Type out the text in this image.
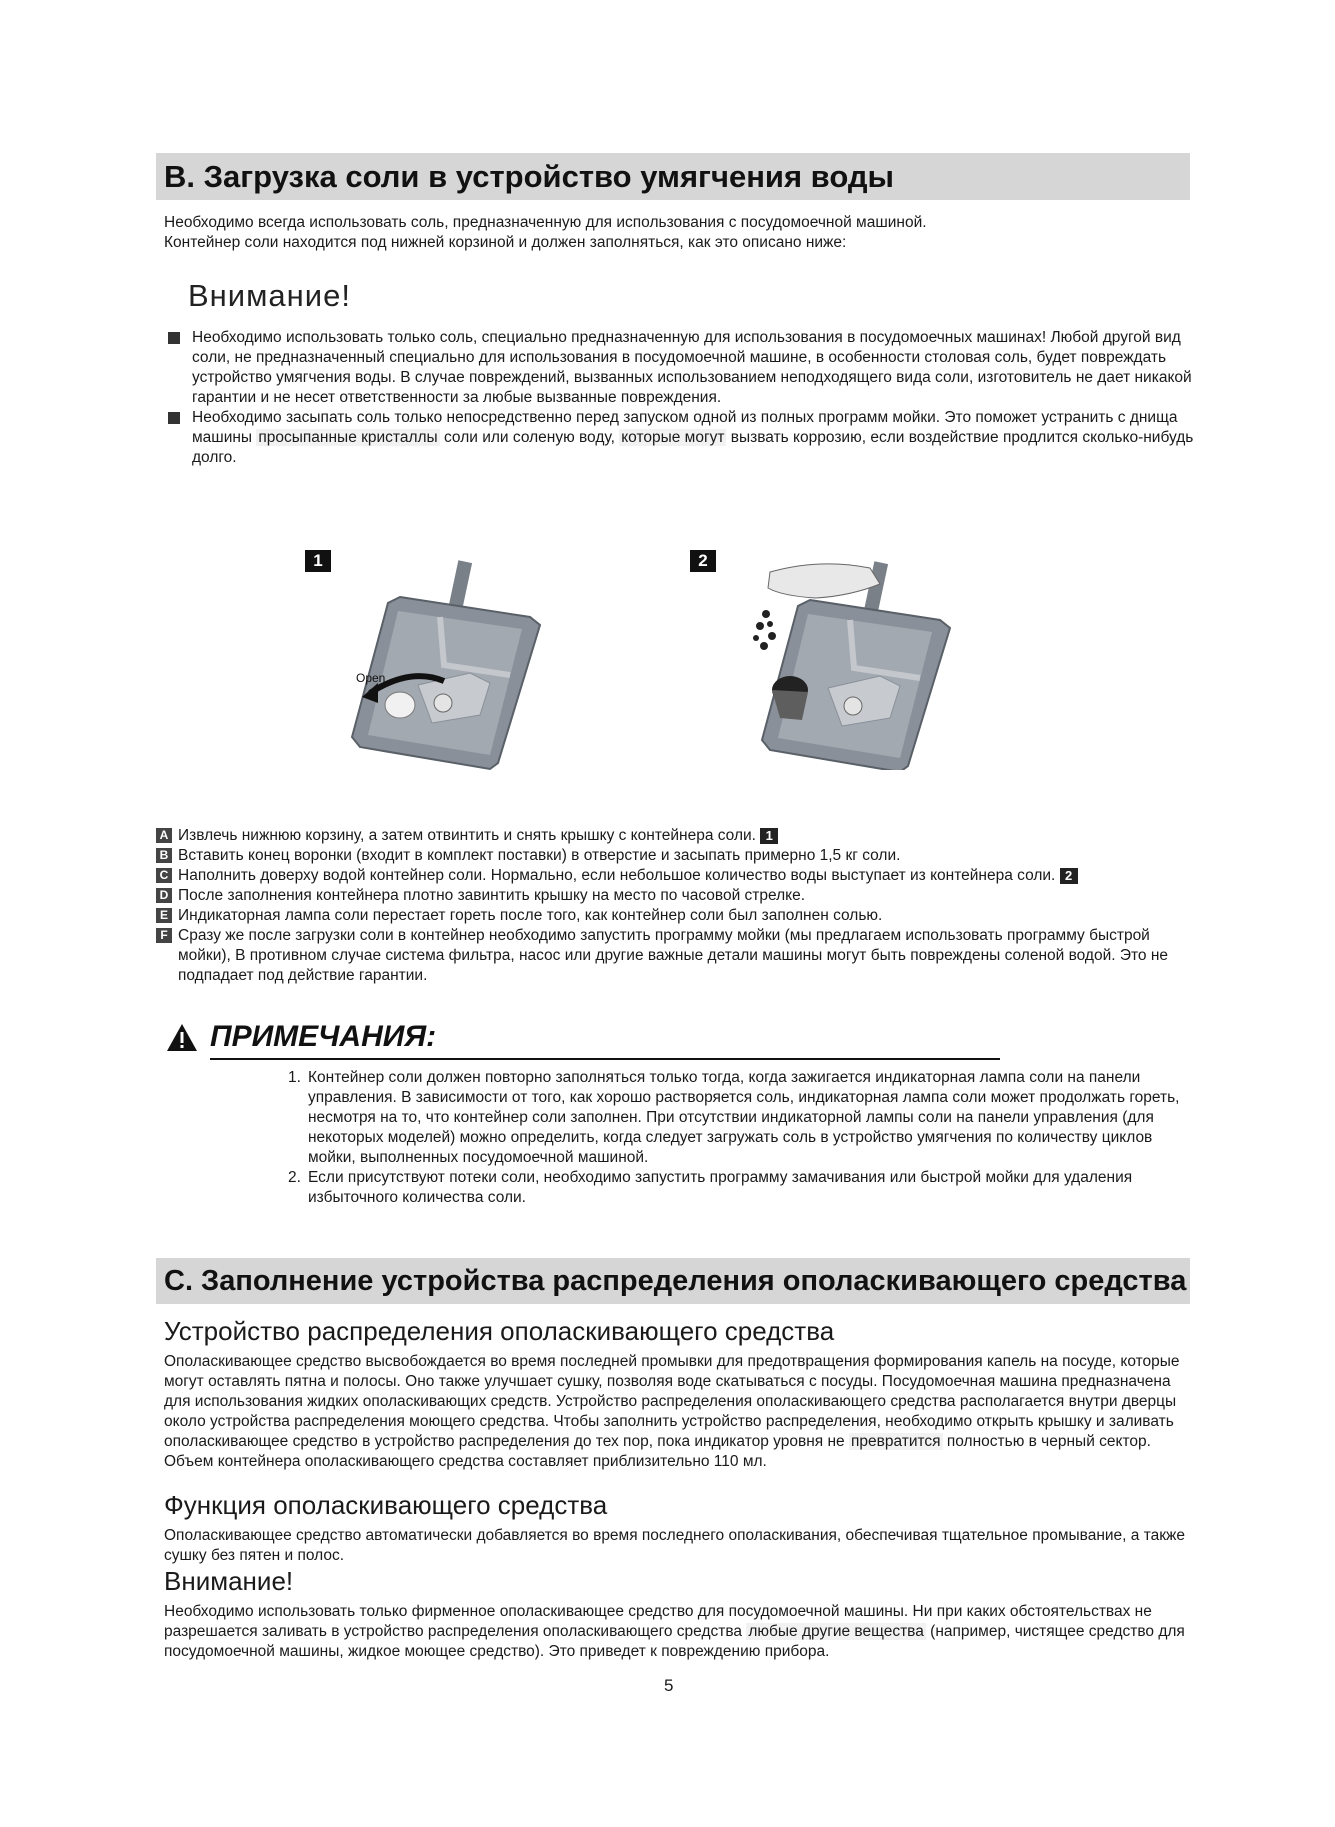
B. Загрузка соли в устройство умягчения воды
Необходимо всегда использовать соль, предназначенную для использования с посудомоечной машиной.
Контейнер соли находится под нижней корзиной и должен заполняться, как это описано ниже:
Внимание!
Необходимо использовать только соль, специально предназначенную для использования в посудомоечных машинах! Любой другой вид соли, не предназначенный специально для использования в посудомоечной машине, в особенности столовая соль, будет повреждать устройство умягчения воды. В случае повреждений, вызванных использованием неподходящего вида соли, изготовитель не дает никакой гарантии и не несет ответственности за любые вызванные повреждения.
Необходимо засыпать соль только непосредственно перед запуском одной из полных программ мойки. Это поможет устранить с днища машины просыпанные кристаллы соли или соленую воду, которые могут вызвать коррозию, если воздействие продлится сколько-нибудь долго.
1
Open
2
A Извлечь нижнюю корзину, а затем отвинтить и снять крышку с контейнера соли. 1
B Вставить конец воронки (входит в комплект поставки) в отверстие и засыпать примерно 1,5 кг соли.
C Наполнить доверху водой контейнер соли. Нормально, если небольшое количество воды выступает из контейнера соли. 2
D После заполнения контейнера плотно завинтить крышку на место по часовой стрелке.
E Индикаторная лампа соли перестает гореть после того, как контейнер соли был заполнен солью.
F Сразу же после загрузки соли в контейнер необходимо запустить программу мойки (мы предлагаем использовать программу быстрой мойки), В противном случае система фильтра, насос или другие важные детали машины могут быть повреждены соленой водой. Это не подпадает под действие гарантии.
ПРИМЕЧАНИЯ:
1. Контейнер соли должен повторно заполняться только тогда, когда зажигается индикаторная лампа соли на панели управления. В зависимости от того, как хорошо растворяется соль, индикаторная лампа соли может продолжать гореть, несмотря на то, что контейнер соли заполнен. При отсутствии индикаторной лампы соли на панели управления (для некоторых моделей) можно определить, когда следует загружать соль в устройство умягчения по количеству циклов мойки, выполненных посудомоечной машиной.
2. Если присутствуют потеки соли, необходимо запустить программу замачивания или быстрой мойки для удаления избыточного количества соли.
C. Заполнение устройства распределения ополаскивающего средства
Устройство распределения ополаскивающего средства
Ополаскивающее средство высвобождается во время последней промывки для предотвращения формирования капель на посуде, которые могут оставлять пятна и полосы. Оно также улучшает сушку, позволяя воде скатываться с посуды. Посудомоечная машина предназначена для использования жидких ополаскивающих средств. Устройство распределения ополаскивающего средства располагается внутри дверцы около устройства распределения моющего средства. Чтобы заполнить устройство распределения, необходимо открыть крышку и заливать ополаскивающее средство в устройство распределения до тех пор, пока индикатор уровня не превратится полностью в черный сектор. Объем контейнера ополаскивающего средства составляет приблизительно 110 мл.
Функция ополаскивающего средства
Ополаскивающее средство автоматически добавляется во время последнего ополаскивания, обеспечивая тщательное промывание, а также сушку без пятен и полос.
Внимание!
Необходимо использовать только фирменное ополаскивающее средство для посудомоечной машины. Ни при каких обстоятельствах не разрешается заливать в устройство распределения ополаскивающего средства любые другие вещества (например, чистящее средство для посудомоечной машины, жидкое моющее средство). Это приведет к повреждению прибора.
5
